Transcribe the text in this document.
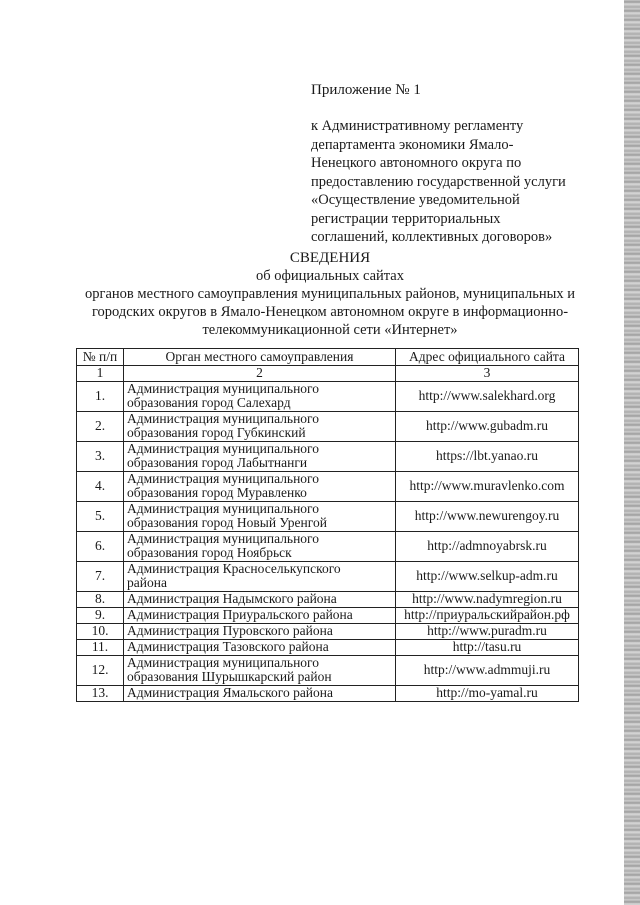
Приложение № 1
к Административному регламенту
департамента экономики Ямало-
Ненецкого автономного округа по
предоставлению государственной услуги
«Осуществление уведомительной
регистрации территориальных
соглашений, коллективных договоров»
СВЕДЕНИЯ
об официальных сайтах
органов местного самоуправления муниципальных районов, муниципальных и
городских округов в Ямало-Ненецком автономном округе в информационно-
телекоммуникационной сети «Интернет»
№ п/п	Орган местного самоуправления	Адрес официального сайта
1	2	3
1.	Администрация муниципального
образования город Салехард	http://www.salekhard.org
2.	Администрация муниципального
образования город Губкинский	http://www.gubadm.ru
3.	Администрация муниципального
образования город Лабытнанги	https://lbt.yanao.ru
4.	Администрация муниципального
образования город Муравленко	http://www.muravlenko.com
5.	Администрация муниципального
образования город Новый Уренгой	http://www.newurengoy.ru
6.	Администрация муниципального
образования город Ноябрьск	http://admnoyabrsk.ru
7.	Администрация Красноселькупского
района	http://www.selkup-adm.ru
8.	Администрация Надымского района	http://www.nadymregion.ru
9.	Администрация Приуральского района	http://приуральскийрайон.рф
10.	Администрация Пуровского района	http://www.puradm.ru
11.	Администрация Тазовского района	http://tasu.ru
12.	Администрация муниципального
образования Шурышкарский район	http://www.admmuji.ru
13.	Администрация Ямальского района	http://mo-yamal.ru
